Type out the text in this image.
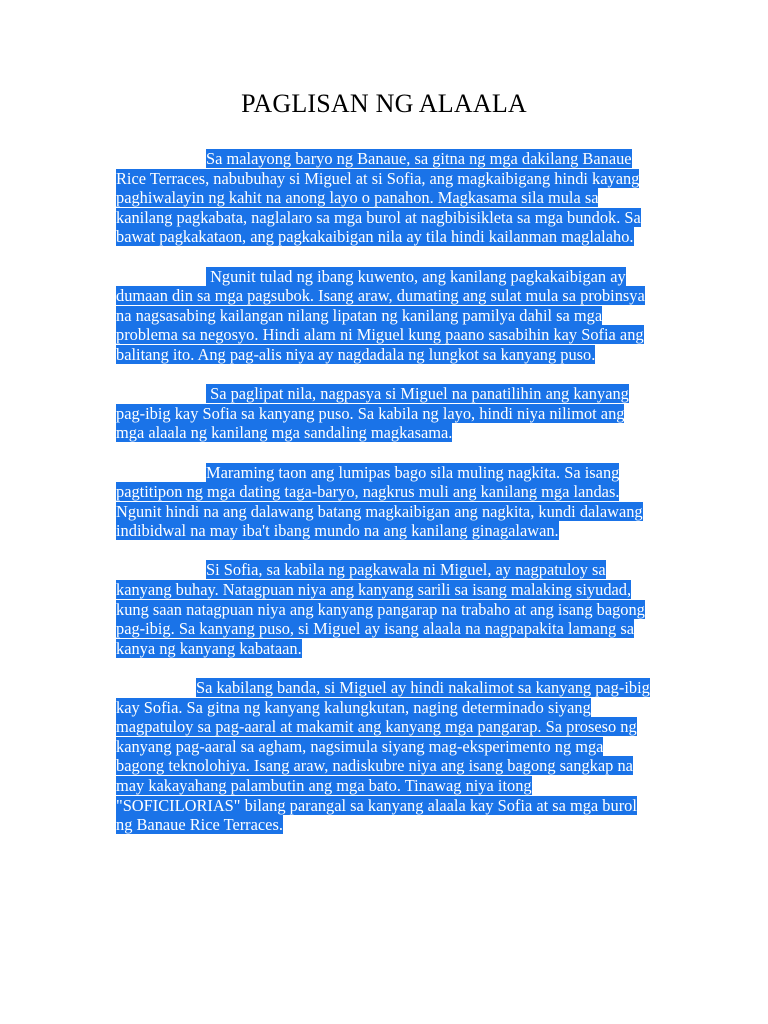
PAGLISAN NG ALAALA

Sa malayong baryo ng Banaue, sa gitna ng mga dakilang Banaue Rice Terraces, nabubuhay si Miguel at si Sofia, ang magkaibigang hindi kayang paghiwalayin ng kahit na anong layo o panahon. Magkasama sila mula sa kanilang pagkabata, naglalaro sa mga burol at nagbibisikleta sa mga bundok. Sa bawat pagkakataon, ang pagkakaibigan nila ay tila hindi kailanman maglalaho.

Ngunit tulad ng ibang kuwento, ang kanilang pagkakaibigan ay dumaan din sa mga pagsubok. Isang araw, dumating ang sulat mula sa probinsya na nagsasabing kailangan nilang lipatan ng kanilang pamilya dahil sa mga problema sa negosyo. Hindi alam ni Miguel kung paano sasabihin kay Sofia ang balitang ito. Ang pag-alis niya ay nagdadala ng lungkot sa kanyang puso.

Sa paglipat nila, nagpasya si Miguel na panatilihin ang kanyang pag-ibig kay Sofia sa kanyang puso. Sa kabila ng layo, hindi niya nilimot ang mga alaala ng kanilang mga sandaling magkasama.

Maraming taon ang lumipas bago sila muling nagkita. Sa isang pagtitipon ng mga dating taga-baryo, nagkrus muli ang kanilang mga landas. Ngunit hindi na ang dalawang batang magkaibigan ang nagkita, kundi dalawang indibidwal na may iba't ibang mundo na ang kanilang ginagalawan.

Si Sofia, sa kabila ng pagkawala ni Miguel, ay nagpatuloy sa kanyang buhay. Natagpuan niya ang kanyang sarili sa isang malaking siyudad, kung saan natagpuan niya ang kanyang pangarap na trabaho at ang isang bagong pag-ibig. Sa kanyang puso, si Miguel ay isang alaala na nagpapakita lamang sa kanya ng kanyang kabataan.

Sa kabilang banda, si Miguel ay hindi nakalimot sa kanyang pag-ibig kay Sofia. Sa gitna ng kanyang kalungkutan, naging determinado siyang magpatuloy sa pag-aaral at makamit ang kanyang mga pangarap. Sa proseso ng kanyang pag-aaral sa agham, nagsimula siyang mag-eksperimento ng mga bagong teknolohiya. Isang araw, nadiskubre niya ang isang bagong sangkap na may kakayahang palambutin ang mga bato. Tinawag niya itong "SOFICILORIAS" bilang parangal sa kanyang alaala kay Sofia at sa mga burol ng Banaue Rice Terraces.
